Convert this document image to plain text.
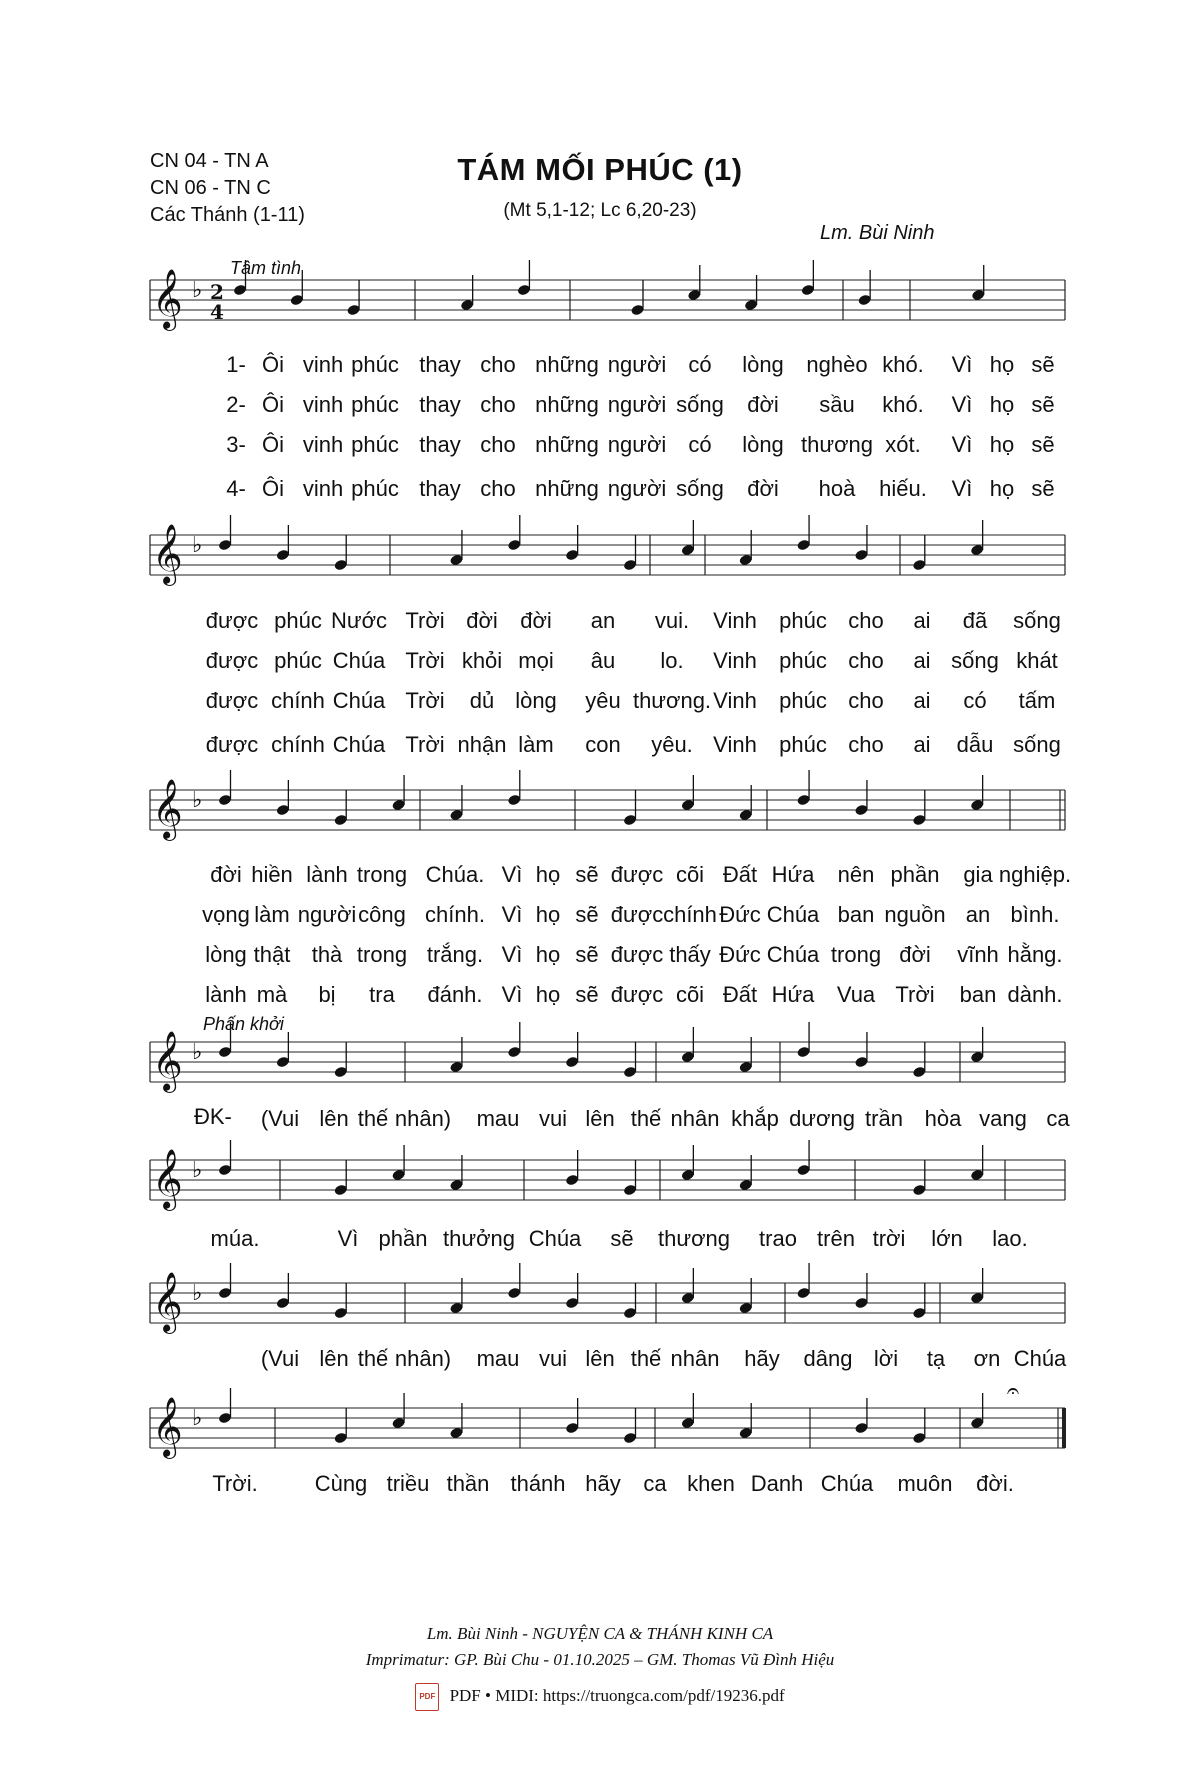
CN 04 - TN A
CN 06 - TN C
Các Thánh (1-11)
TÁM MỐI PHÚC (1)
(Mt 5,1-12; Lc 6,20-23)
Lm. Bùi Ninh
Tâm tình
Phấn khởi
𝄞 ♭ 2
4
𝄞 ♭
𝄞 ♭
𝄞 ♭
𝄞 ♭
𝄞 ♭
𝄞 ♭
𝄐
1- Ôi vinh phúc thay cho những người có lòng nghèo khó. Vì họ sẽ
2- Ôi vinh phúc thay cho những người sống đời sầu khó. Vì họ sẽ
3- Ôi vinh phúc thay cho những người có lòng thương xót. Vì họ sẽ
4- Ôi vinh phúc thay cho những người sống đời hoà hiếu. Vì họ sẽ
được phúc Nước Trời đời đời an vui. Vinh phúc cho ai đã sống
được phúc Chúa Trời khỏi mọi âu lo. Vinh phúc cho ai sống khát
được chính Chúa Trời dủ lòng yêu thương. Vinh phúc cho ai có tấm
được chính Chúa Trời nhận làm con yêu. Vinh phúc cho ai dẫu sống
đời hiền lành trong Chúa. Vì họ sẽ được cõi Đất Hứa nên phần gia nghiệp.
vọng làm người công chính. Vì họ sẽ được chính Đức Chúa ban nguồn an bình.
lòng thật thà trong trắng. Vì họ sẽ được thấy Đức Chúa trong đời vĩnh hằng.
lành mà bị tra đánh. Vì họ sẽ được cõi Đất Hứa Vua Trời ban dành.
(Vui lên thế nhân) mau vui lên thế nhân khắp dương trần hòa vang ca
múa.	Vì phần thưởng Chúa sẽ thương trao trên trời lớn lao.
(Vui lên thế nhân) mau vui lên thế nhân hãy dâng lời tạ ơn Chúa
Trời.	Cùng triều thần thánh hãy ca khen Danh Chúa muôn đời.
ĐK-
Lm. Bùi Ninh - NGUYỆN CA & THÁNH KINH CA
Imprimatur: GP. Bùi Chu - 01.10.2025 – GM. Thomas Vũ Đình Hiệu
PDF PDF • MIDI: https://truongca.com/pdf/19236.pdf
